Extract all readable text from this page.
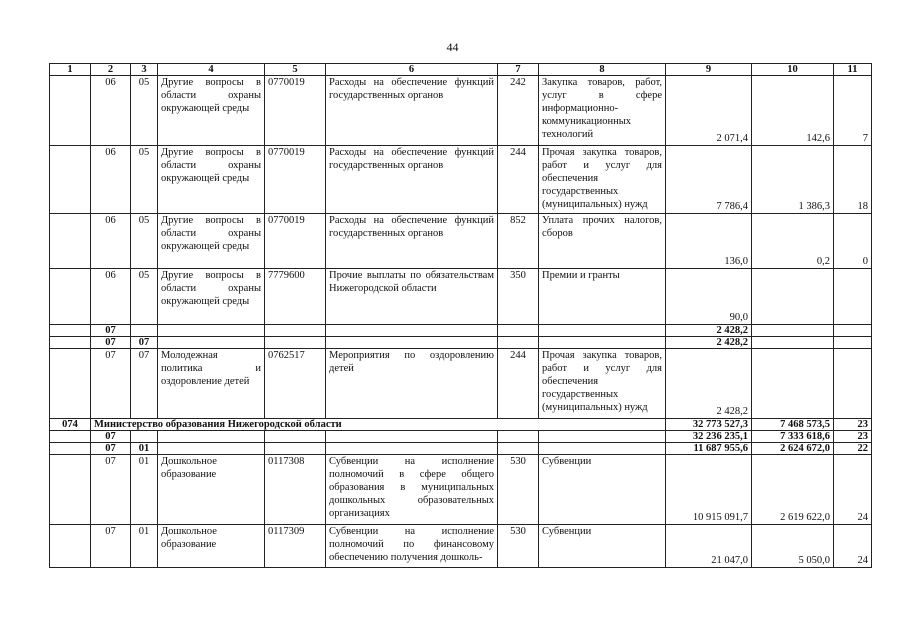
44
1	2	3	4	5	6	7	8	9	10	11
	06	05	Другие вопросы в области охраны окружающей среды	0770019	Расходы на обеспечение функций государственных органов	242	Закупка товаров, работ, услуг в сфере информационно-коммуникационных технологий	2 071,4	142,6	7
	06	05	Другие вопросы в области охраны окружающей среды	0770019	Расходы на обеспечение функций государственных органов	244	Прочая закупка товаров, работ и услуг для обеспечения государственных (муниципальных) нужд	7 786,4	1 386,3	18
	06	05	Другие вопросы в области охраны окружающей среды	0770019	Расходы на обеспечение функций государственных органов	852	Уплата прочих налогов, сборов	136,0	0,2	0
	06	05	Другие вопросы в области охраны окружающей среды	7779600	Прочие выплаты по обязательствам Нижегородской области	350	Премии и гранты	90,0		
	07							2 428,2		
	07	07						2 428,2		
	07	07	Молодежная политика и оздоровление детей	0762517	Мероприятия по оздоровлению детей	244	Прочая закупка товаров, работ и услуг для обеспечения государственных (муниципальных) нужд	2 428,2		
074	Министерство образования Нижегородской области							32 773 527,3	7 468 573,5	23
	07							32 236 235,1	7 333 618,6	23
	07	01						11 687 955,6	2 624 672,0	22
	07	01	Дошкольное образование	0117308	Субвенции на исполнение полномочий в сфере общего образования в муниципальных дошкольных образовательных организациях	530	Субвенции	10 915 091,7	2 619 622,0	24
	07	01	Дошкольное образование	0117309	Субвенции на исполнение полномочий по финансовому обеспечению получения дошколь-	530	Субвенции	21 047,0	5 050,0	24
